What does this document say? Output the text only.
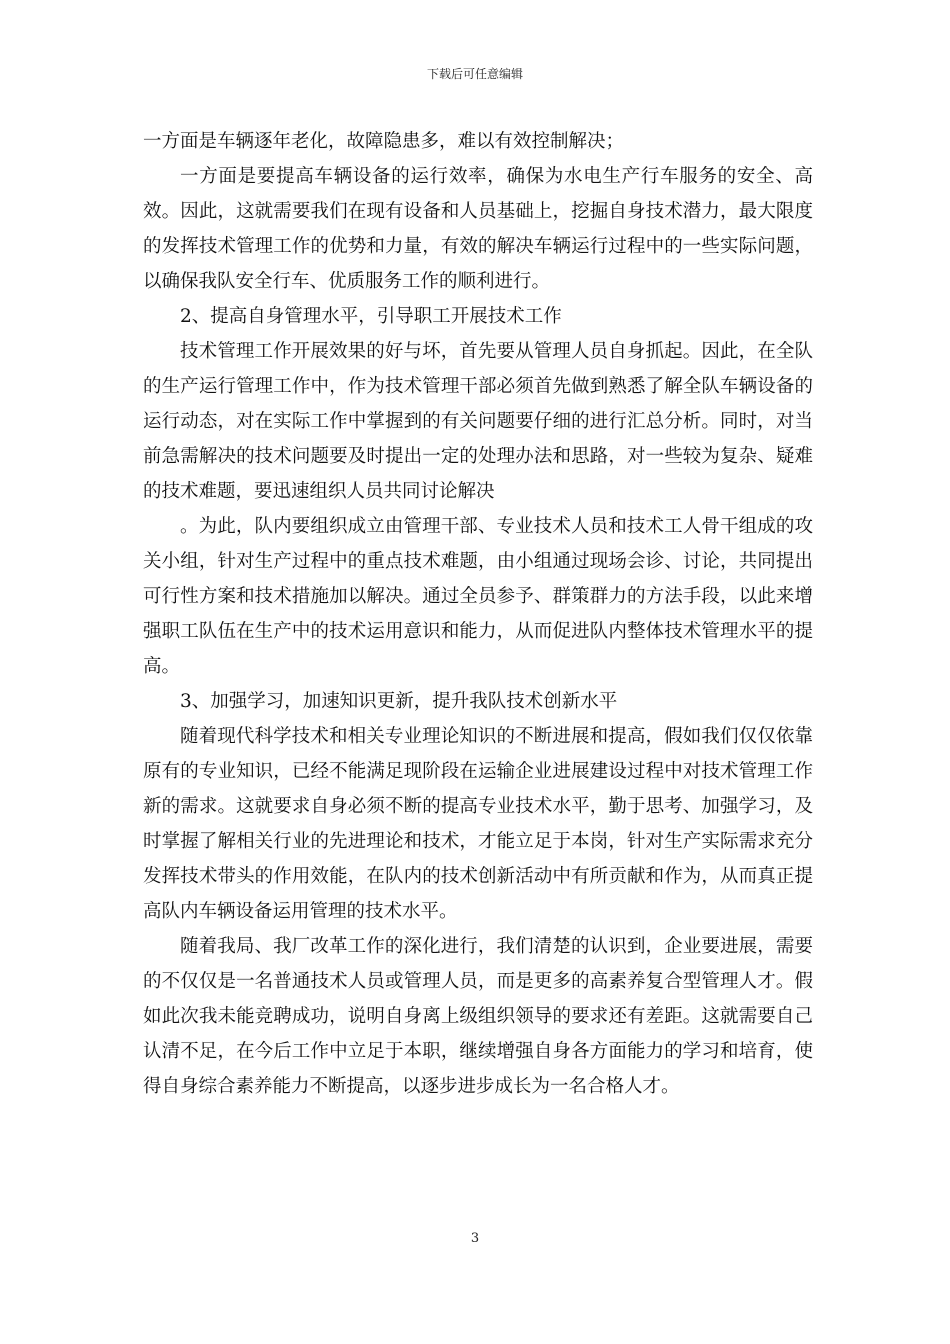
下载后可任意编辑

一方面是车辆逐年老化，故障隐患多，难以有效控制解决；

一方面是要提高车辆设备的运行效率，确保为水电生产行车服务的安全、高效。因此，这就需要我们在现有设备和人员基础上，挖掘自身技术潜力，最大限度的发挥技术管理工作的优势和力量，有效的解决车辆运行过程中的一些实际问题，以确保我队安全行车、优质服务工作的顺利进行。

2、提高自身管理水平，引导职工开展技术工作

技术管理工作开展效果的好与坏，首先要从管理人员自身抓起。因此，在全队的生产运行管理工作中，作为技术管理干部必须首先做到熟悉了解全队车辆设备的运行动态，对在实际工作中掌握到的有关问题要仔细的进行汇总分析。同时，对当前急需解决的技术问题要及时提出一定的处理办法和思路，对一些较为复杂、疑难的技术难题，要迅速组织人员共同讨论解决

。为此，队内要组织成立由管理干部、专业技术人员和技术工人骨干组成的攻关小组，针对生产过程中的重点技术难题，由小组通过现场会诊、讨论，共同提出可行性方案和技术措施加以解决。通过全员参予、群策群力的方法手段，以此来增强职工队伍在生产中的技术运用意识和能力，从而促进队内整体技术管理水平的提高。

3、加强学习，加速知识更新，提升我队技术创新水平

随着现代科学技术和相关专业理论知识的不断进展和提高，假如我们仅仅依靠原有的专业知识，已经不能满足现阶段在运输企业进展建设过程中对技术管理工作新的需求。这就要求自身必须不断的提高专业技术水平，勤于思考、加强学习，及时掌握了解相关行业的先进理论和技术，才能立足于本岗，针对生产实际需求充分发挥技术带头的作用效能，在队内的技术创新活动中有所贡献和作为，从而真正提高队内车辆设备运用管理的技术水平。

随着我局、我厂改革工作的深化进行，我们清楚的认识到，企业要进展，需要的不仅仅是一名普通技术人员或管理人员，而是更多的高素养复合型管理人才。假如此次我未能竞聘成功，说明自身离上级组织领导的要求还有差距。这就需要自己认清不足，在今后工作中立足于本职，继续增强自身各方面能力的学习和培育，使得自身综合素养能力不断提高，以逐步进步成长为一名合格人才。

3
